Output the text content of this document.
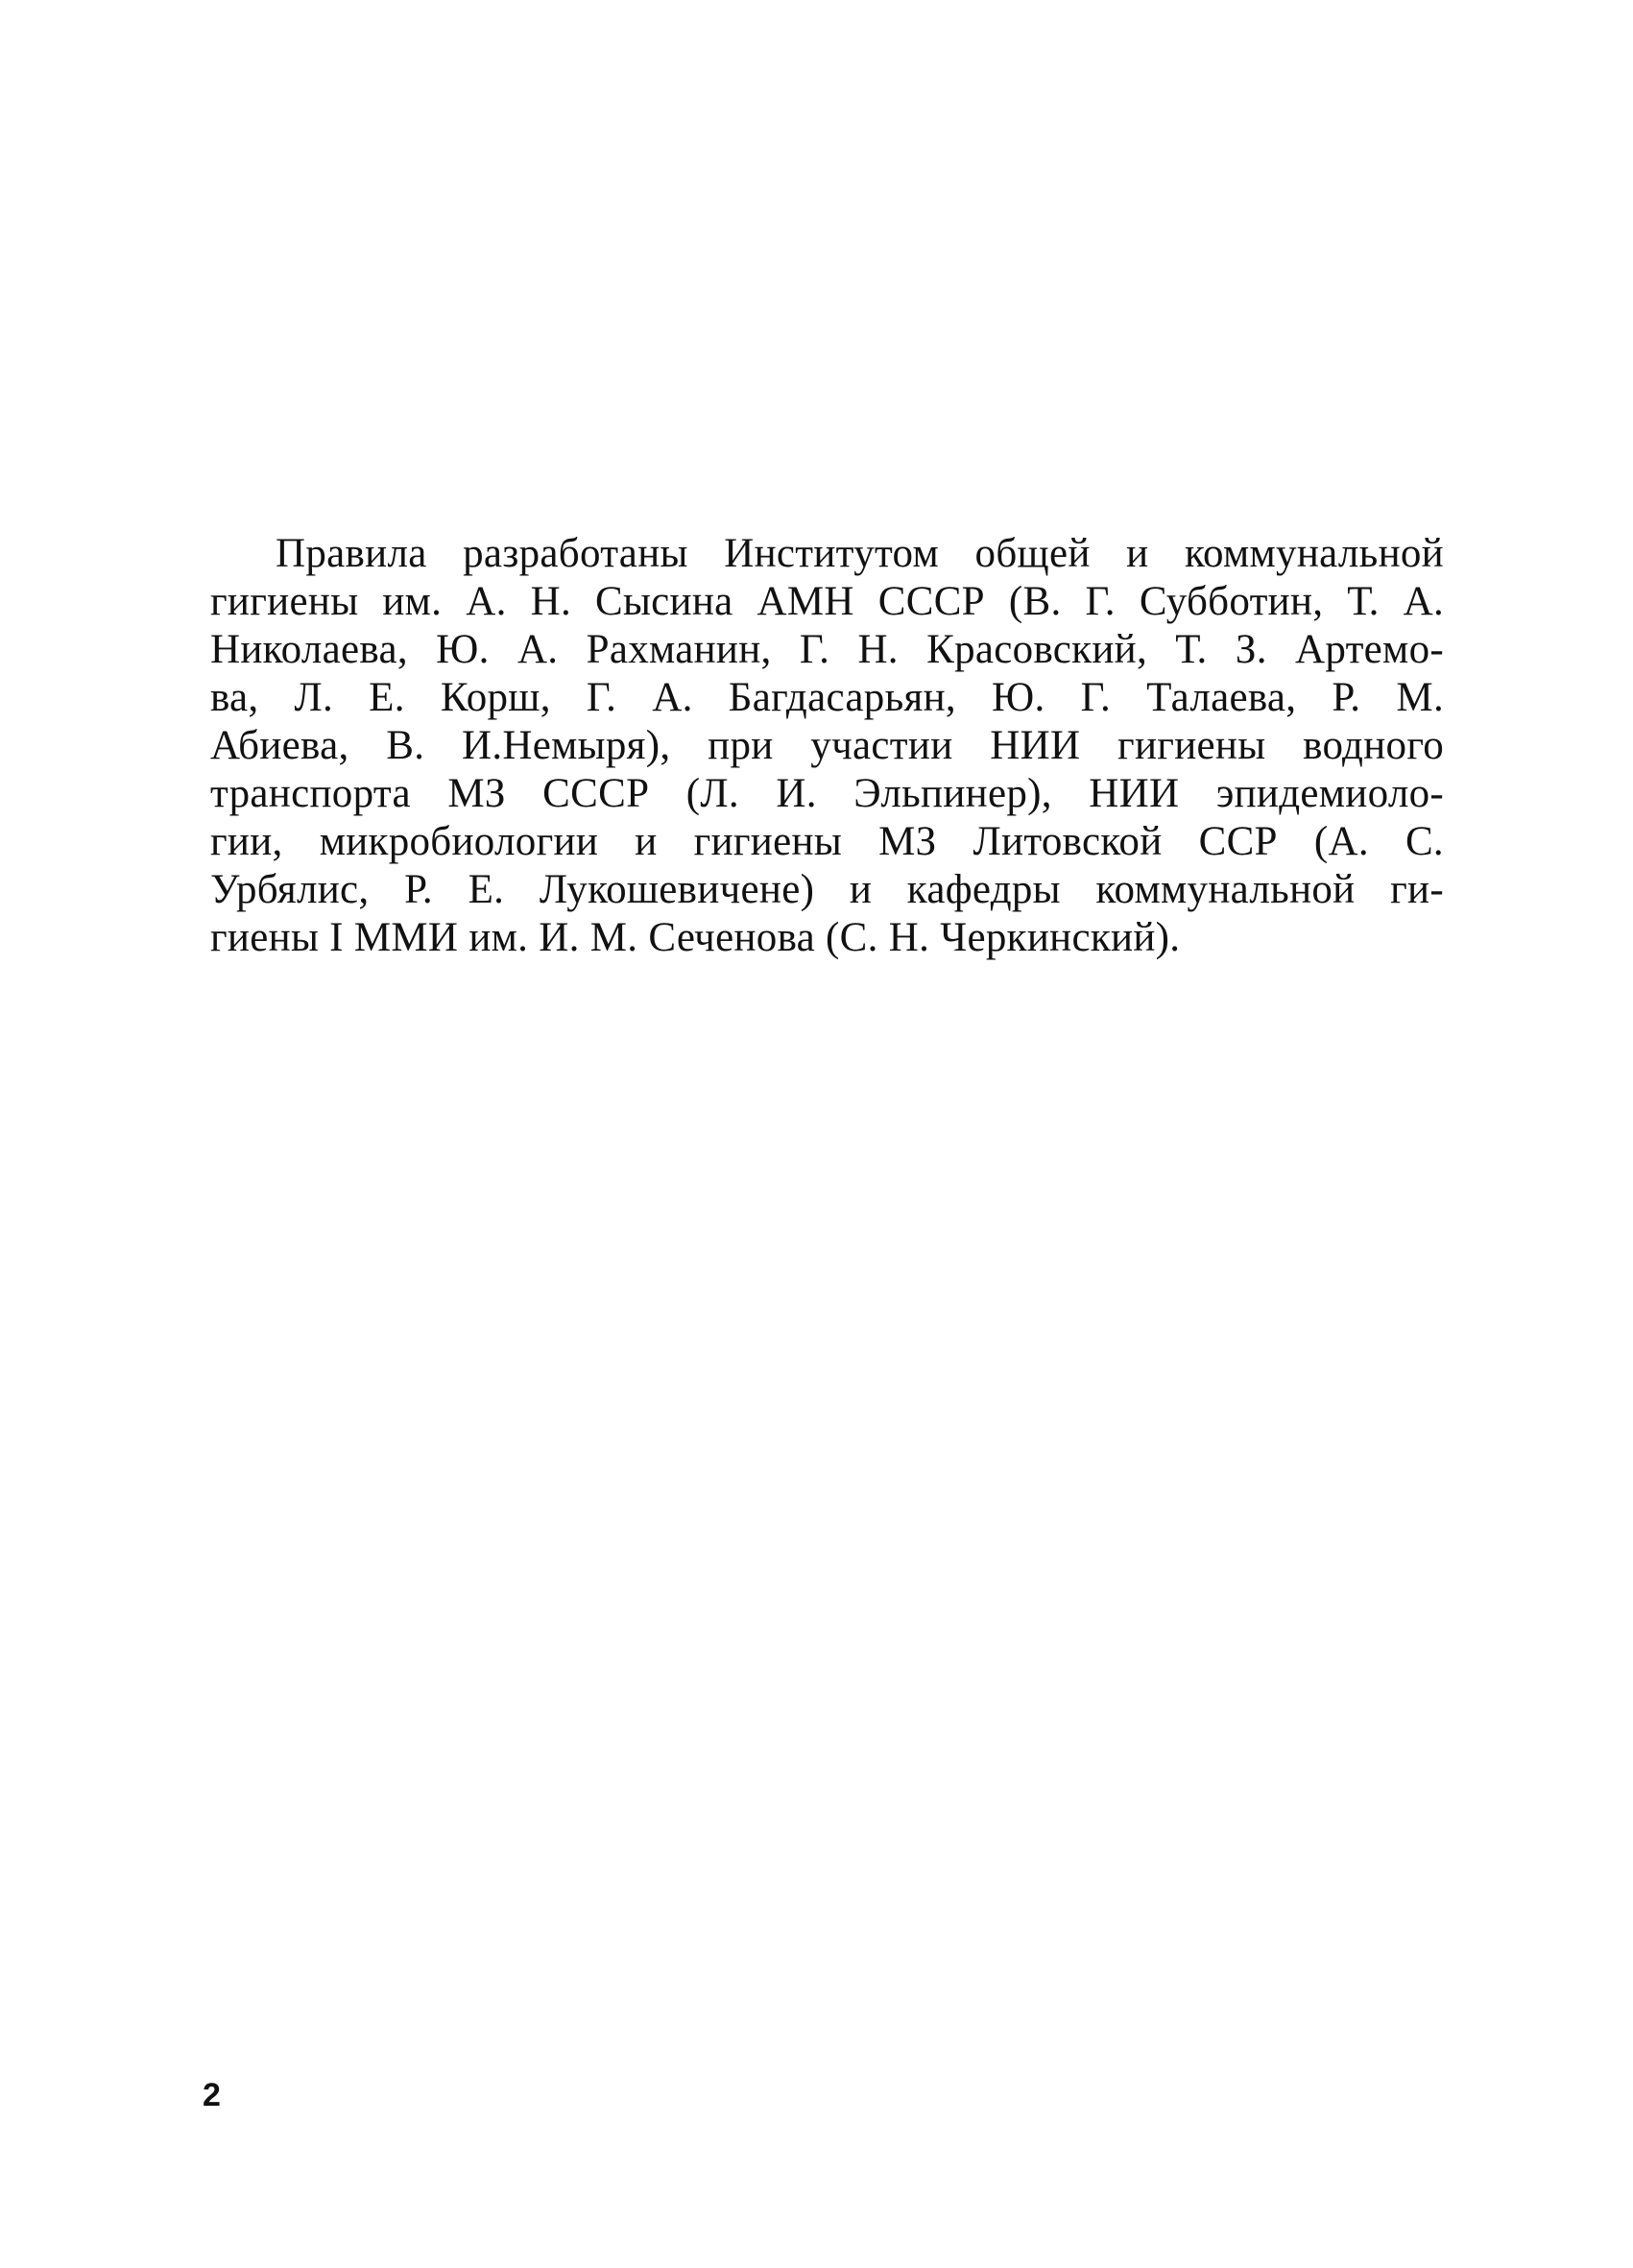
Правила разработаны Институтом общей и коммунальной
гигиены им. А. Н. Сысина АМН СССР (В. Г. Субботин, Т. А.
Николаева, Ю. А. Рахманин, Г. Н. Красовский, Т. З. Артемо-
ва, Л. Е. Корш, Г. А. Багдасарьян, Ю. Г. Талаева, Р. М.
Абиева, В. И.Немыря), при участии НИИ гигиены водного
транспорта МЗ СССР (Л. И. Эльпинер), НИИ эпидемиоло-
гии, микробиологии и гигиены МЗ Литовской ССР (А. С.
Урбялис, Р. Е. Лукошевичене) и кафедры коммунальной ги-
гиены I ММИ им. И. М. Сеченова (С. Н. Черкинский).
2
